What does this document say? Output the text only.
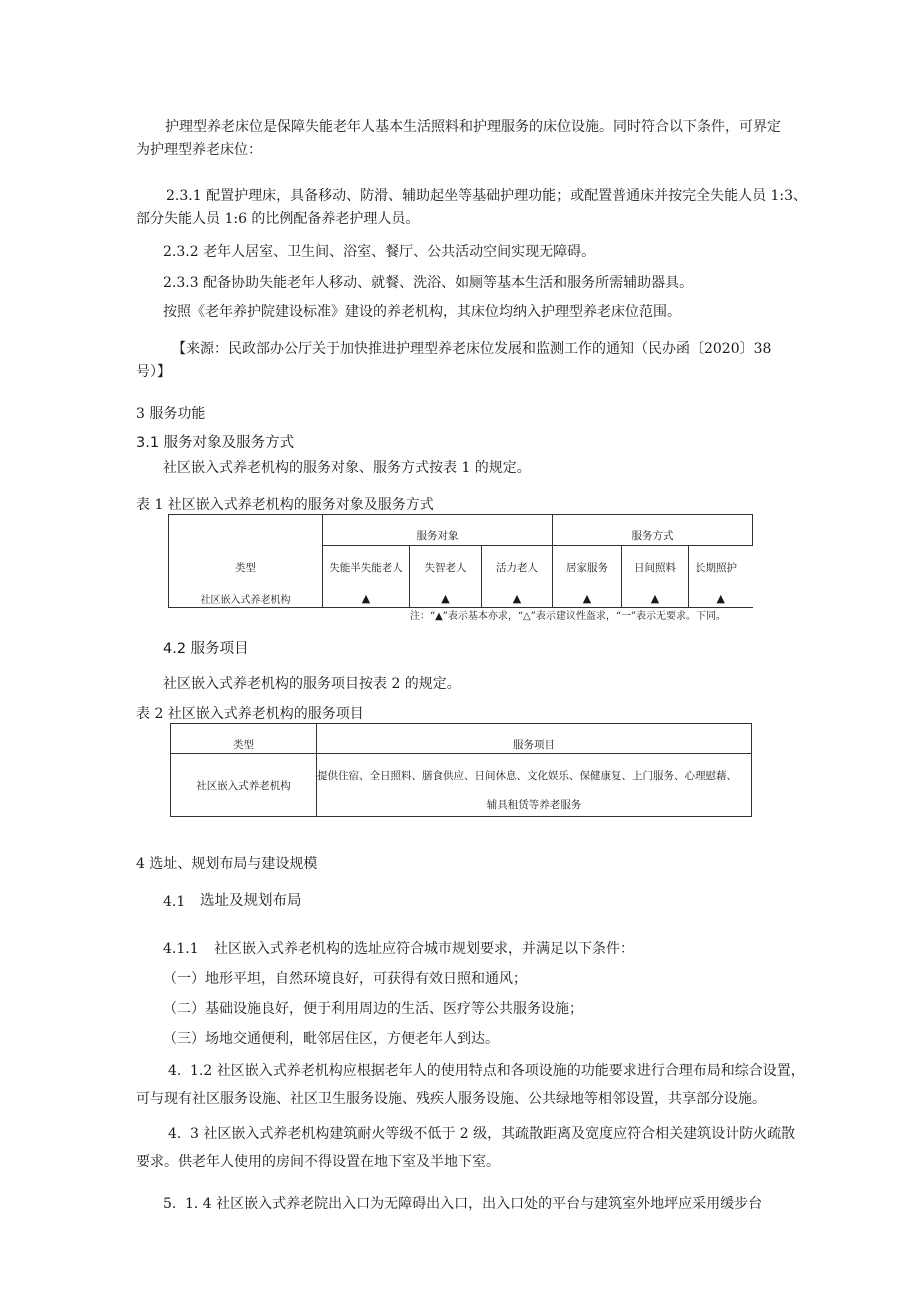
护理型养老床位是保障失能老年人基本生活照料和护理服务的床位设施。同时符合以下条件，可界定
为护理型养老床位：
2.3.1 配置护理床，具备移动、防滑、辅助起坐等基础护理功能；或配置普通床并按完全失能人员 1:3、
部分失能人员 1:6 的比例配备养老护理人员。
2.3.2 老年人居室、卫生间、浴室、餐厅、公共活动空间实现无障碍。
2.3.3 配备协助失能老年人移动、就餐、洗浴、如厕等基本生活和服务所需辅助器具。
按照《老年养护院建设标准》建设的养老机构，其床位均纳入护理型养老床位范围。
【来源：民政部办公厅关于加快推进护理型养老床位发展和监测工作的通知（民办函〔2020〕38
号）】
3 服务功能
3.1 服务对象及服务方式
社区嵌入式养老机构的服务对象、服务方式按表 1 的规定。
表 1 社区嵌入式养老机构的服务对象及服务方式
	服务对象			服务方式		
类型	失能半失能老人	失智老人	活力老人	居家服务	日间照料	长期照护
社区嵌入式养老机构	▲	▲	▲	▲	▲	▲
注：“▲”表示基本亦求，“△”表示建议性盔求，“一”表示无要求。下同。
4.2 服务项目
社区嵌入式养老机构的服务项目按表 2 的规定。
表 2 社区嵌入式养老机构的服务项目
类型	服务项目
社区嵌入式养老机构	提供住宿、全日照料、膳食供应、日间休息、文化娱乐、保健康复、上门服务、心理慰藉、
辅具租赁等养老服务
4 选址、规划布局与建设规模
4.1 选址及规划布局
4.1.1 社区嵌入式养老机构的选址应符合城市规划要求，并满足以下条件：
（一）地形平坦，自然环境良好，可获得有效日照和通风；
（二）基础设施良好，便于利用周边的生活、医疗等公共服务设施；
（三）场地交通便利，毗邻居住区，方便老年人到达。
4. 1.2 社区嵌入式养老机构应根据老年人的使用特点和各项设施的功能要求进行合理布局和综合设置，
可与现有社区服务设施、社区卫生服务设施、残疾人服务设施、公共绿地等相邻设置，共享部分设施。
4. 3 社区嵌入式养老机构建筑耐火等级不低于 2 级，其疏散距离及宽度应符合相关建筑设计防火疏散
要求。供老年人使用的房间不得设置在地下室及半地下室。
5. 1. 4 社区嵌入式养老院出入口为无障碍出入口，出入口处的平台与建筑室外地坪应采用缓步台
